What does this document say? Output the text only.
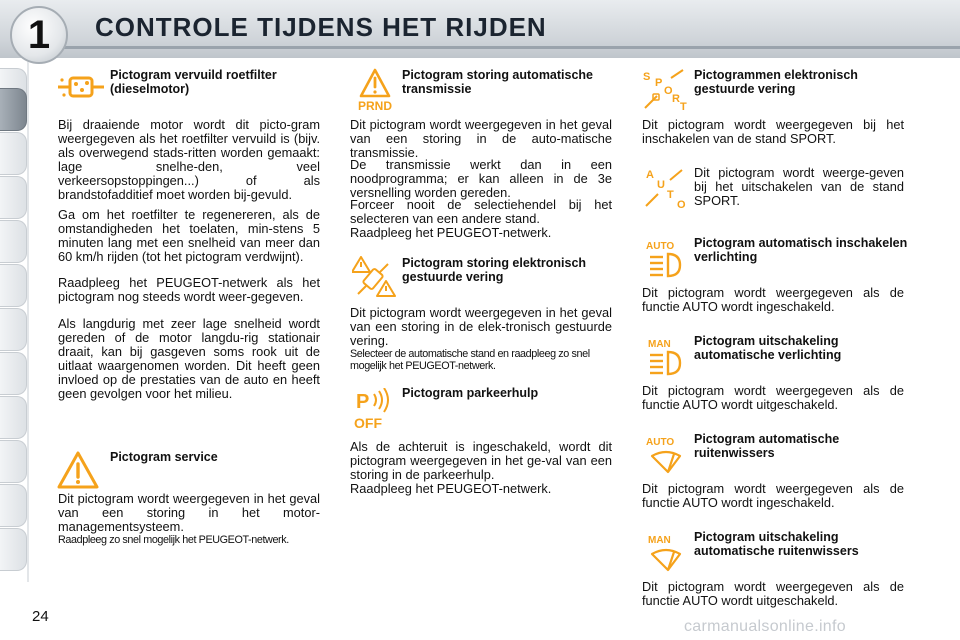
1 CONTROLE TIJDENS HET RIJDEN
Pictogram vervuild roetfilter (dieselmotor)
Bij draaiende motor wordt dit picto-gram weergegeven als het roetfilter vervuild is (bijv. als overwegend stads-ritten worden gemaakt: lage snelhe-den, veel verkeersopstoppingen...) of als brandstofadditief moet worden bij-gevuld.
Ga om het roetfilter te regenereren, als de omstandigheden het toelaten, min-stens 5 minuten lang met een snelheid van meer dan 60 km/h rijden (tot het pictogram verdwijnt).
Raadpleeg het PEUGEOT-netwerk als het pictogram nog steeds wordt weer-gegeven.
Als langdurig met zeer lage snelheid wordt gereden of de motor langdu-rig stationair draait, kan bij gasgeven soms rook uit de uitlaat waargenomen worden. Dit heeft geen invloed op de prestaties van de auto en heeft geen gevolgen voor het milieu.
Pictogram service
Dit pictogram wordt weergegeven in het geval van een storing in het motor-managementsysteem.
Raadpleeg zo snel mogelijk het PEUGEOT-netwerk.
PRND
Pictogram storing automatische transmissie
Dit pictogram wordt weergegeven in het geval van een storing in de auto-matische transmissie.
De transmissie werkt dan in een noodprogramma; er kan alleen in de 3e versnelling worden gereden.
Forceer nooit de selectiehendel bij het selecteren van een andere stand.
Raadpleeg het PEUGEOT-netwerk.
Pictogram storing elektronisch gestuurde vering
Dit pictogram wordt weergegeven in het geval van een storing in de elek-tronisch gestuurde vering.
Selecteer de automatische stand en raadpleeg zo snel mogelijk het PEUGEOT-netwerk.
P
OFF
Pictogram parkeerhulp
Als de achteruit is ingeschakeld, wordt dit pictogram weergegeven in het ge-val van een storing in de parkeerhulp.
Raadpleeg het PEUGEOT-netwerk.
S P
O
R
T
Pictogrammen elektronisch gestuurde vering
Dit pictogram wordt weergegeven bij het inschakelen van de stand SPORT.
A
U
T
O
Dit pictogram wordt weerge-geven bij het uitschakelen van de stand SPORT.
AUTO Pictogram automatisch inschakelen verlichting
Dit pictogram wordt weergegeven als de functie AUTO wordt ingeschakeld.
MAN Pictogram uitschakeling automatische verlichting
Dit pictogram wordt weergegeven als de functie AUTO wordt uitgeschakeld.
AUTO Pictogram automatische ruitenwissers
Dit pictogram wordt weergegeven als de functie AUTO wordt ingeschakeld.
MAN Pictogram uitschakeling automatische ruitenwissers
Dit pictogram wordt weergegeven als de functie AUTO wordt uitgeschakeld.
24
carmanualsonline.info
